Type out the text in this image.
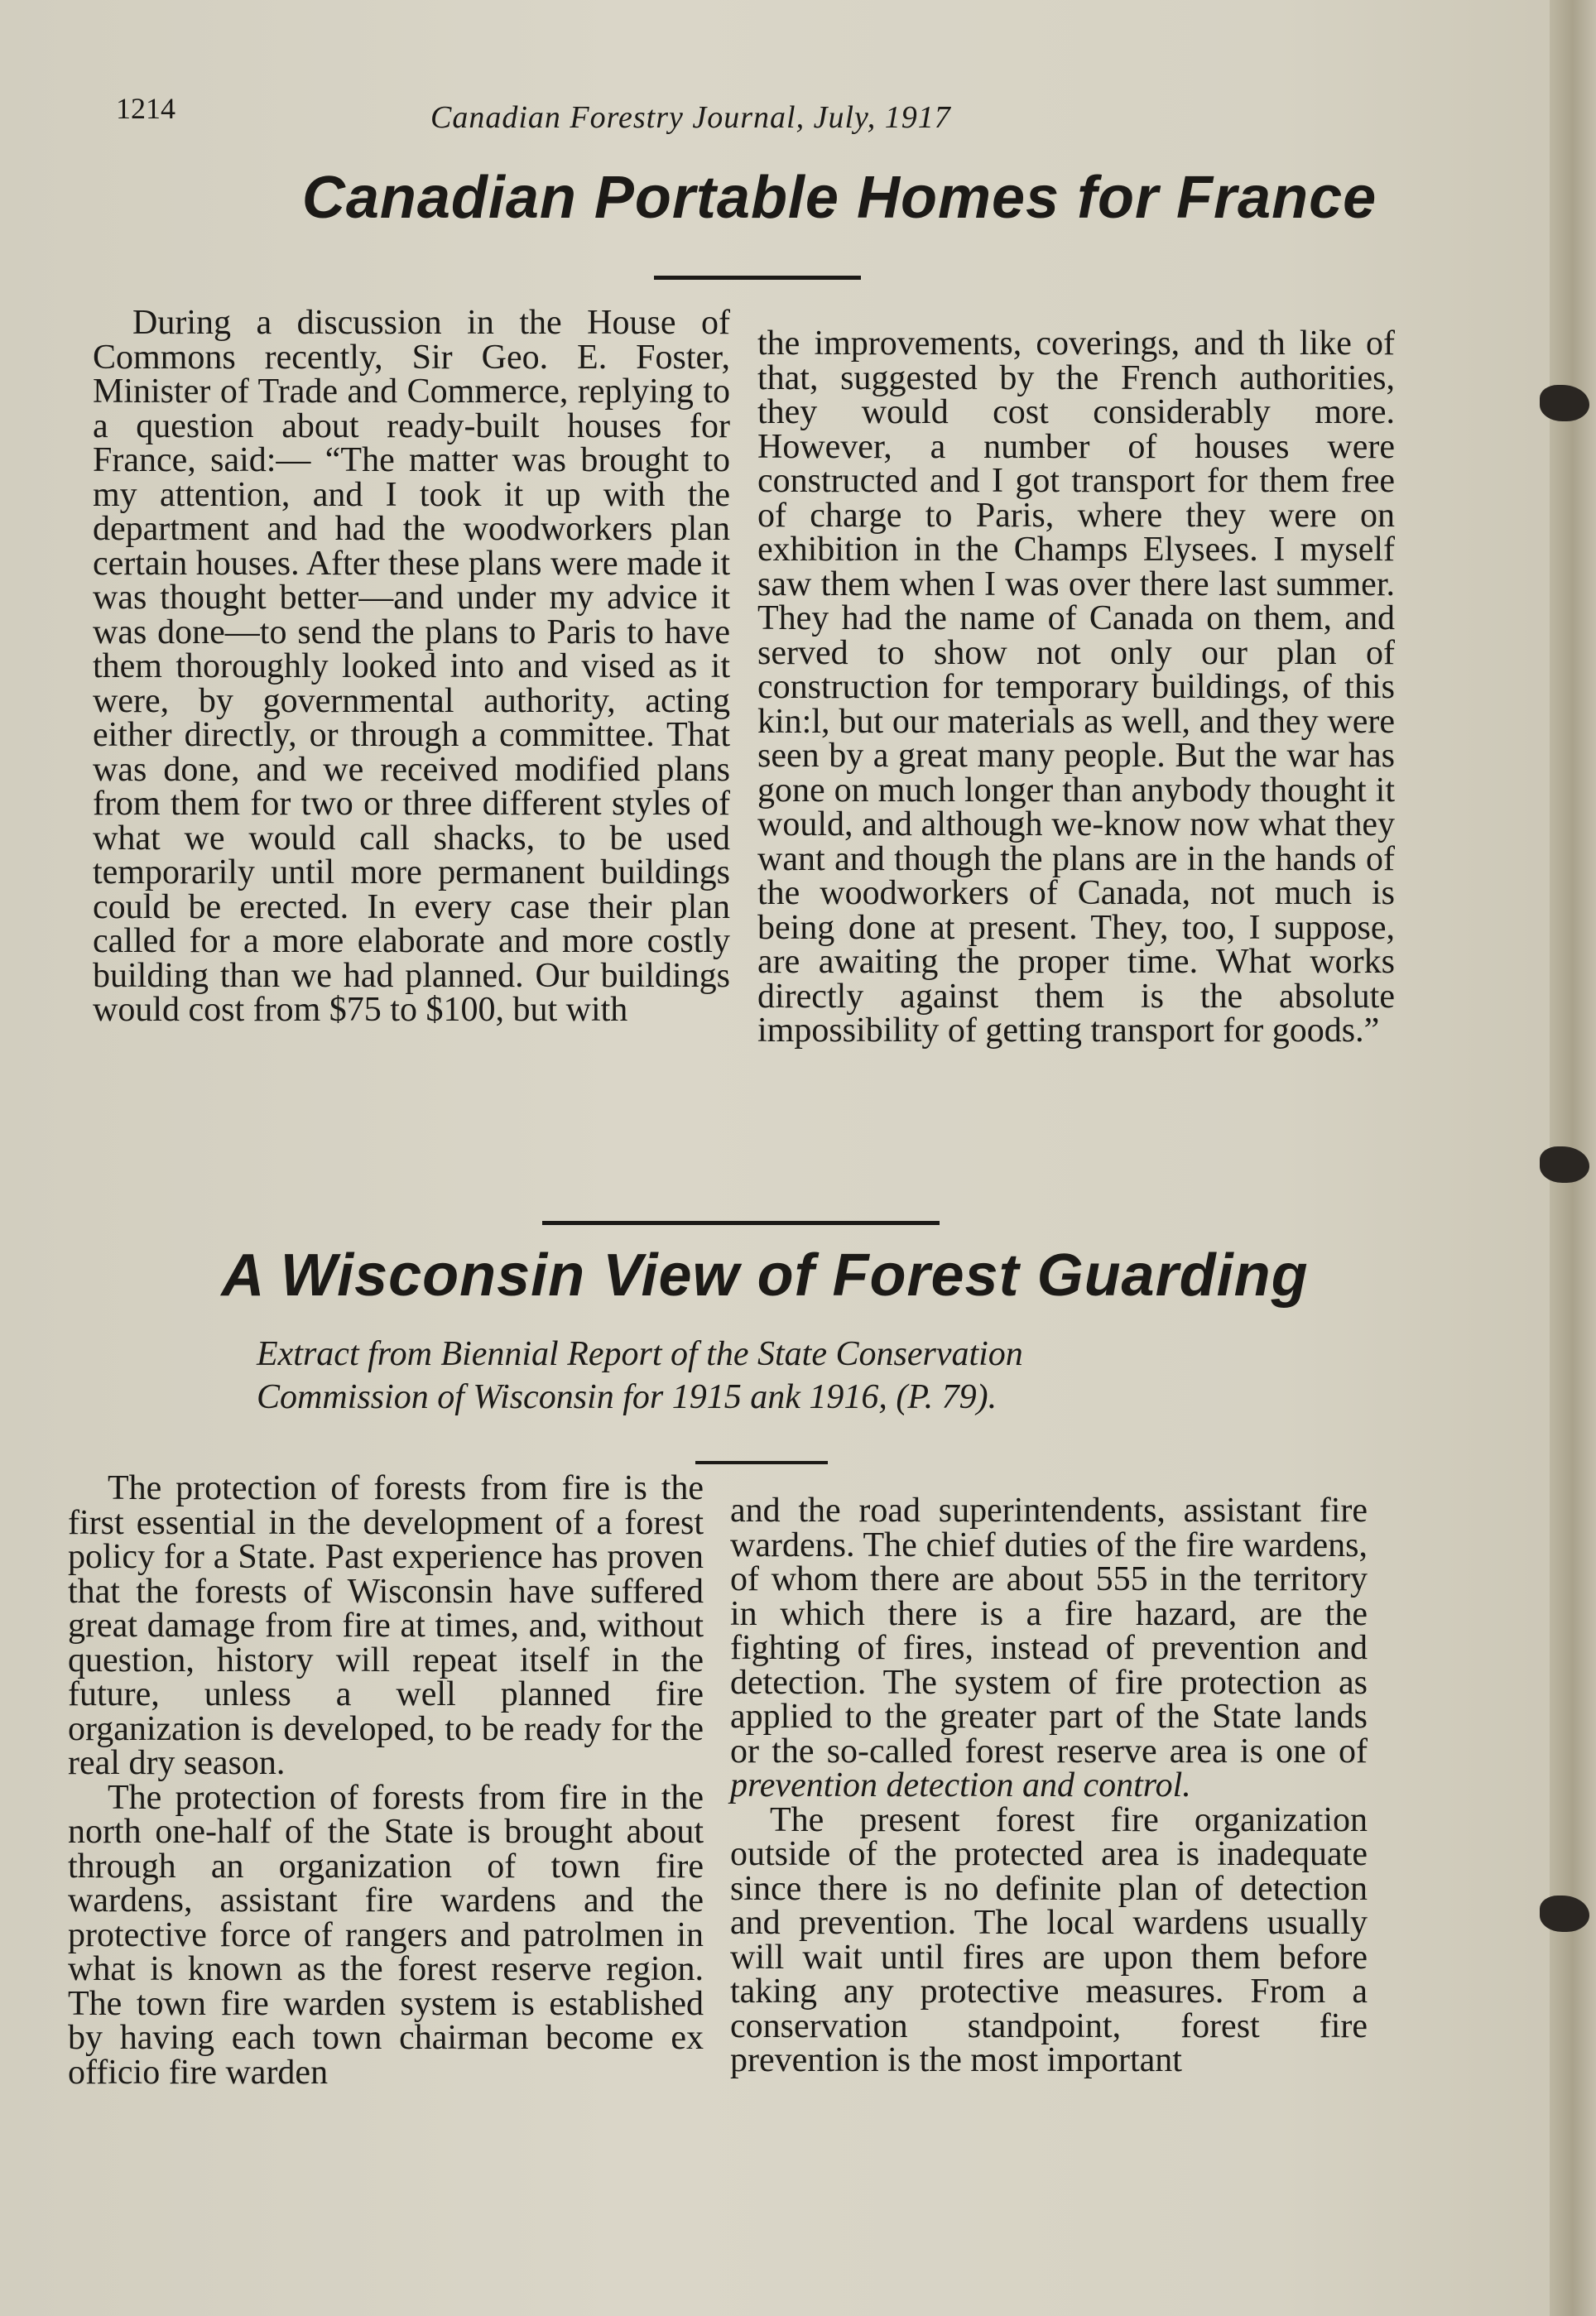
1214	Canadian Forestry Journal, July, 1917
Canadian Portable Homes for France

During a discussion in the House of Commons recently, Sir Geo. E. Foster, Minister of Trade and Commerce, replying to a question about ready-built houses for France, said:— “The matter was brought to my attention, and I took it up with the department and had the woodworkers plan certain houses. After these plans were made it was thought better—and under my advice it was done—to send the plans to Paris to have them thoroughly looked into and vised as it were, by governmental authority, acting either directly, or through a committee. That was done, and we received modified plans from them for two or three different styles of what we would call shacks, to be used temporarily until more permanent buildings could be erected. In every case their plan called for a more elaborate and more costly building than we had planned. Our buildings would cost from $75 to $100, but with

the improvements, coverings, and th like of that, suggested by the French authorities, they would cost considerably more. However, a number of houses were constructed and I got transport for them free of charge to Paris, where they were on exhibition in the Champs Elysees. I myself saw them when I was over there last summer. They had the name of Canada on them, and served to show not only our plan of construction for temporary buildings, of this kin:l, but our materials as well, and they were seen by a great many people. But the war has gone on much longer than anybody thought it would, and although we-know now what they want and though the plans are in the hands of the woodworkers of Canada, not much is being done at present. They, too, I suppose, are awaiting the proper time. What works directly against them is the absolute impossibility of getting transport for goods.”

A Wisconsin View of Forest Guarding
Extract from Biennial Report of the State Conservation
Commission of Wisconsin for 1915 ank 1916, (P. 79).

The protection of forests from fire is the first essential in the development of a forest policy for a State. Past experience has proven that the forests of Wisconsin have suffered great damage from fire at times, and, without question, history will repeat itself in the future, unless a well planned fire organization is developed, to be ready for the real dry season.

The protection of forests from fire in the north one-half of the State is brought about through an organization of town fire wardens, assistant fire wardens and the protective force of rangers and patrolmen in what is known as the forest reserve region. The town fire warden system is established by having each town chairman become ex officio fire warden

and the road superintendents, assistant fire wardens. The chief duties of the fire wardens, of whom there are about 555 in the territory in which there is a fire hazard, are the fighting of fires, instead of prevention and detection. The system of fire protection as applied to the greater part of the State lands or the so-called forest reserve area is one of prevention detection and control.

The present forest fire organization outside of the protected area is inadequate since there is no definite plan of detection and prevention. The local wardens usually will wait until fires are upon them before taking any protective measures. From a conservation standpoint, forest fire prevention is the most important
